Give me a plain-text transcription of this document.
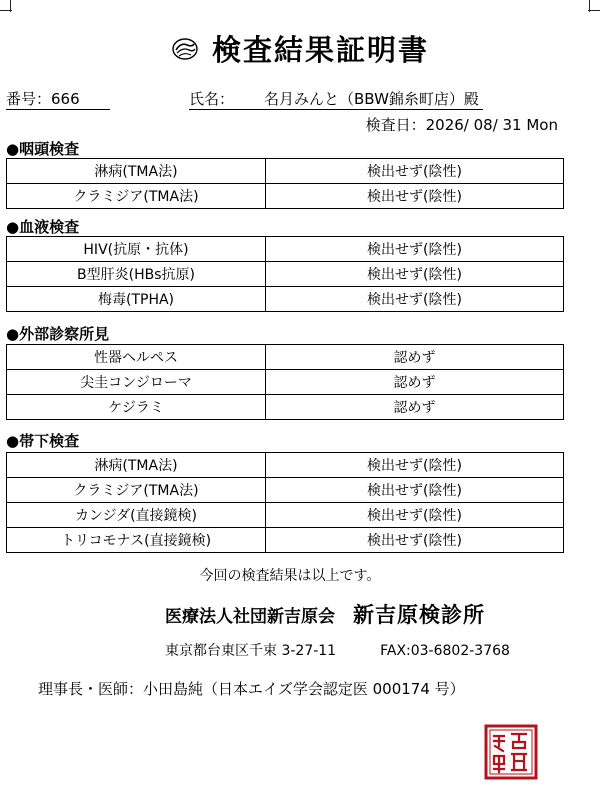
検査結果証明書
番号：666	氏名： 名月みんと（BBW錦糸町店）殿
検査日：2026/ 08/ 31 Mon
●咽頭検査
淋病(TMA法)	検出せず(陰性)
クラミジア(TMA法)	検出せず(陰性)
●血液検査
HIV(抗原・抗体)	検出せず(陰性)
B型肝炎(HBs抗原)	検出せず(陰性)
梅毒(TPHA)	検出せず(陰性)
●外部診察所見
性器ヘルペス	認めず
尖圭コンジローマ	認めず
ケジラミ	認めず
●帯下検査
淋病(TMA法)	検出せず(陰性)
クラミジア(TMA法)	検出せず(陰性)
カンジダ(直接鏡検)	検出せず(陰性)
トリコモナス(直接鏡検)	検出せず(陰性)
今回の検査結果は以上です。
医療法人社団新吉原会 新吉原検診所
東京都台東区千束 3-27-11	FAX:03-6802-3768
理事長・医師：小田島純（日本エイズ学会認定医 000174 号）
